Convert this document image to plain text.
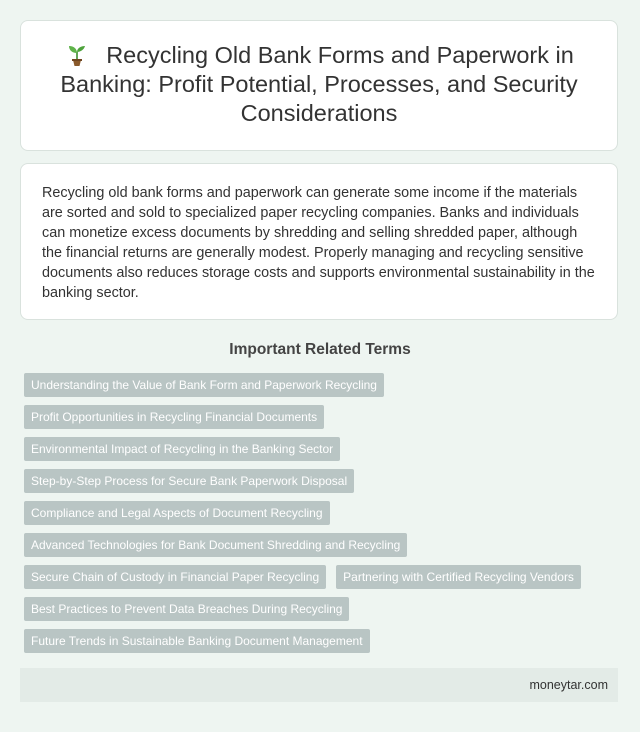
Recycling Old Bank Forms and Paperwork in Banking: Profit Potential, Processes, and Security Considerations

Recycling old bank forms and paperwork can generate some income if the materials are sorted and sold to specialized paper recycling companies. Banks and individuals can monetize excess documents by shredding and selling shredded paper, although the financial returns are generally modest. Properly managing and recycling sensitive documents also reduces storage costs and supports environmental sustainability in the banking sector.

Important Related Terms
Understanding the Value of Bank Form and Paperwork Recycling
Profit Opportunities in Recycling Financial Documents
Environmental Impact of Recycling in the Banking Sector
Step-by-Step Process for Secure Bank Paperwork Disposal
Compliance and Legal Aspects of Document Recycling
Advanced Technologies for Bank Document Shredding and Recycling
Secure Chain of Custody in Financial Paper Recycling	Partnering with Certified Recycling Vendors
Best Practices to Prevent Data Breaches During Recycling
Future Trends in Sustainable Banking Document Management
moneytar.com
